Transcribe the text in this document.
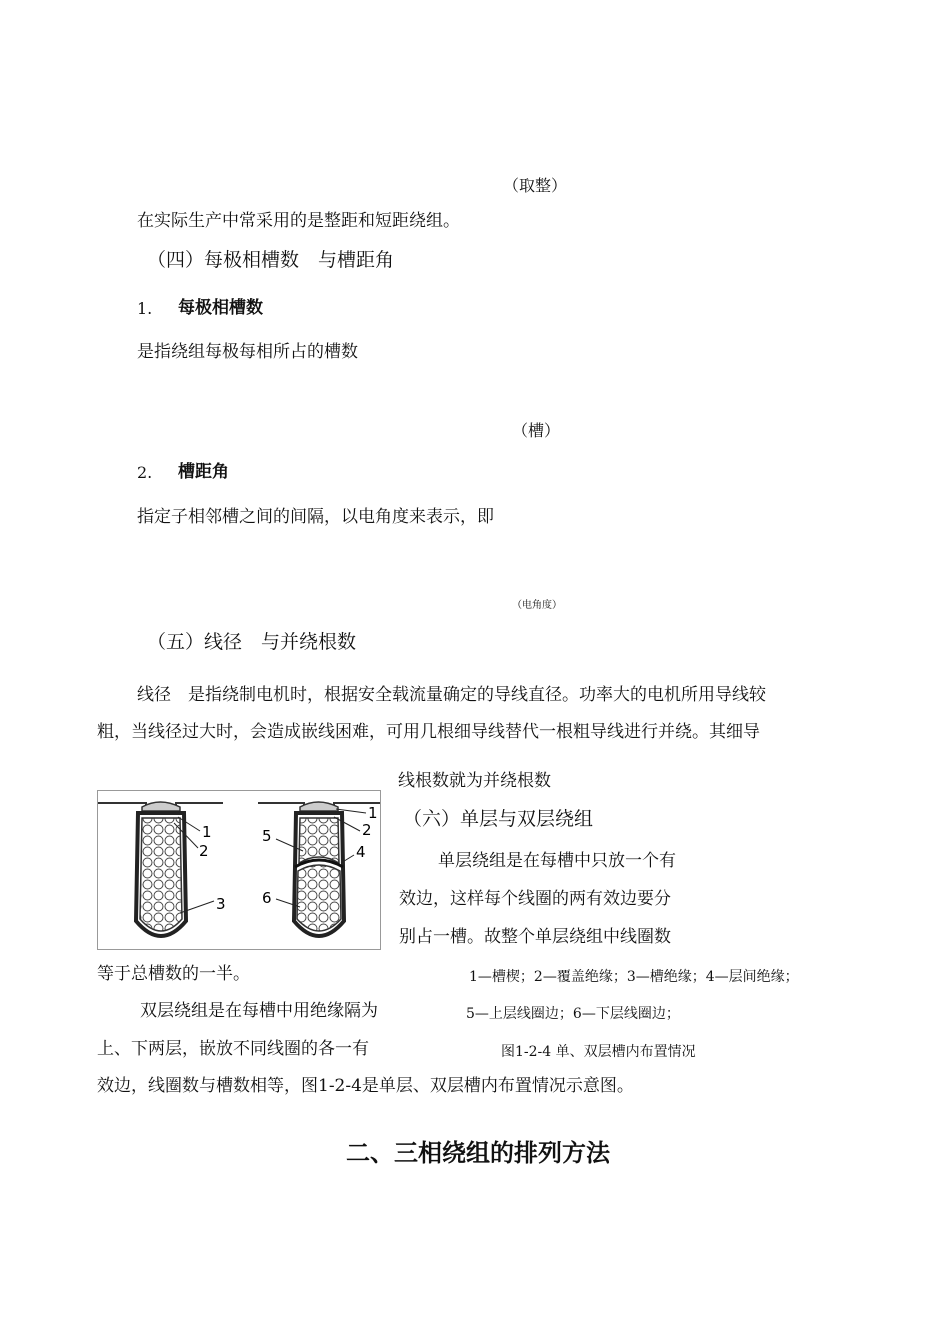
（取整）
在实际生产中常采用的是整距和短距绕组。
（四）每极相槽数　与槽距角
1. 每极相槽数
是指绕组每极每相所占的槽数
（槽）
2. 槽距角
指定子相邻槽之间的间隔，以电角度来表示，即
（电角度）
（五）线径　与并绕根数
线径　是指绕制电机时，根据安全载流量确定的导线直径。功率大的电机所用导线较
粗，当线径过大时，会造成嵌线困难，可用几根细导线替代一根粗导线进行并绕。其细导
线根数就为并绕根数
1
2
3
1
2
4
5
6
（六）单层与双层绕组
单层绕组是在每槽中只放一个有
效边，这样每个线圈的两有效边要分
别占一槽。故整个单层绕组中线圈数
等于总槽数的一半。	1—槽楔；2—覆盖绝缘；3—槽绝缘；4—层间绝缘；
双层绕组是在每槽中用绝缘隔为	5—上层线圈边；6—下层线圈边；
上、下两层，嵌放不同线圈的各一有	图1-2-4 单、双层槽内布置情况
效边，线圈数与槽数相等，图1-2-4是单层、双层槽内布置情况示意图。
二、三相绕组的排列方法
